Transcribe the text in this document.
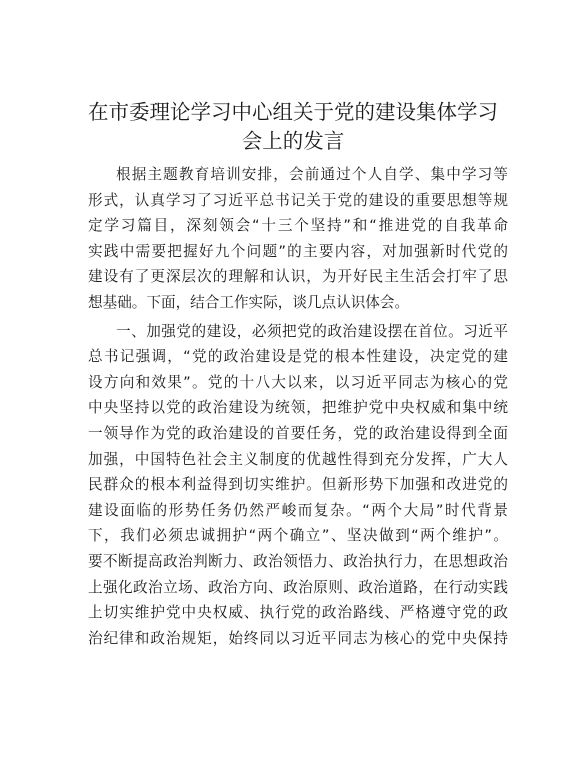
在市委理论学习中心组关于党的建设集体学习
会上的发言
根据主题教育培训安排，会前通过个人自学、集中学习等
形式，认真学习了习近平总书记关于党的建设的重要思想等规
定学习篇目，深刻领会“十三个坚持”和“推进党的自我革命
实践中需要把握好九个问题”的主要内容，对加强新时代党的
建设有了更深层次的理解和认识，为开好民主生活会打牢了思
想基础。下面，结合工作实际，谈几点认识体会。
一、加强党的建设，必须把党的政治建设摆在首位。习近平
总书记强调，“党的政治建设是党的根本性建设，决定党的建
设方向和效果”。党的十八大以来，以习近平同志为核心的党
中央坚持以党的政治建设为统领，把维护党中央权威和集中统
一领导作为党的政治建设的首要任务，党的政治建设得到全面
加强，中国特色社会主义制度的优越性得到充分发挥，广大人
民群众的根本利益得到切实维护。但新形势下加强和改进党的
建设面临的形势任务仍然严峻而复杂。“两个大局”时代背景
下，我们必须忠诚拥护“两个确立”、坚决做到“两个维护”。
要不断提高政治判断力、政治领悟力、政治执行力，在思想政治
上强化政治立场、政治方向、政治原则、政治道路，在行动实践
上切实维护党中央权威、执行党的政治路线、严格遵守党的政
治纪律和政治规矩，始终同以习近平同志为核心的党中央保持
